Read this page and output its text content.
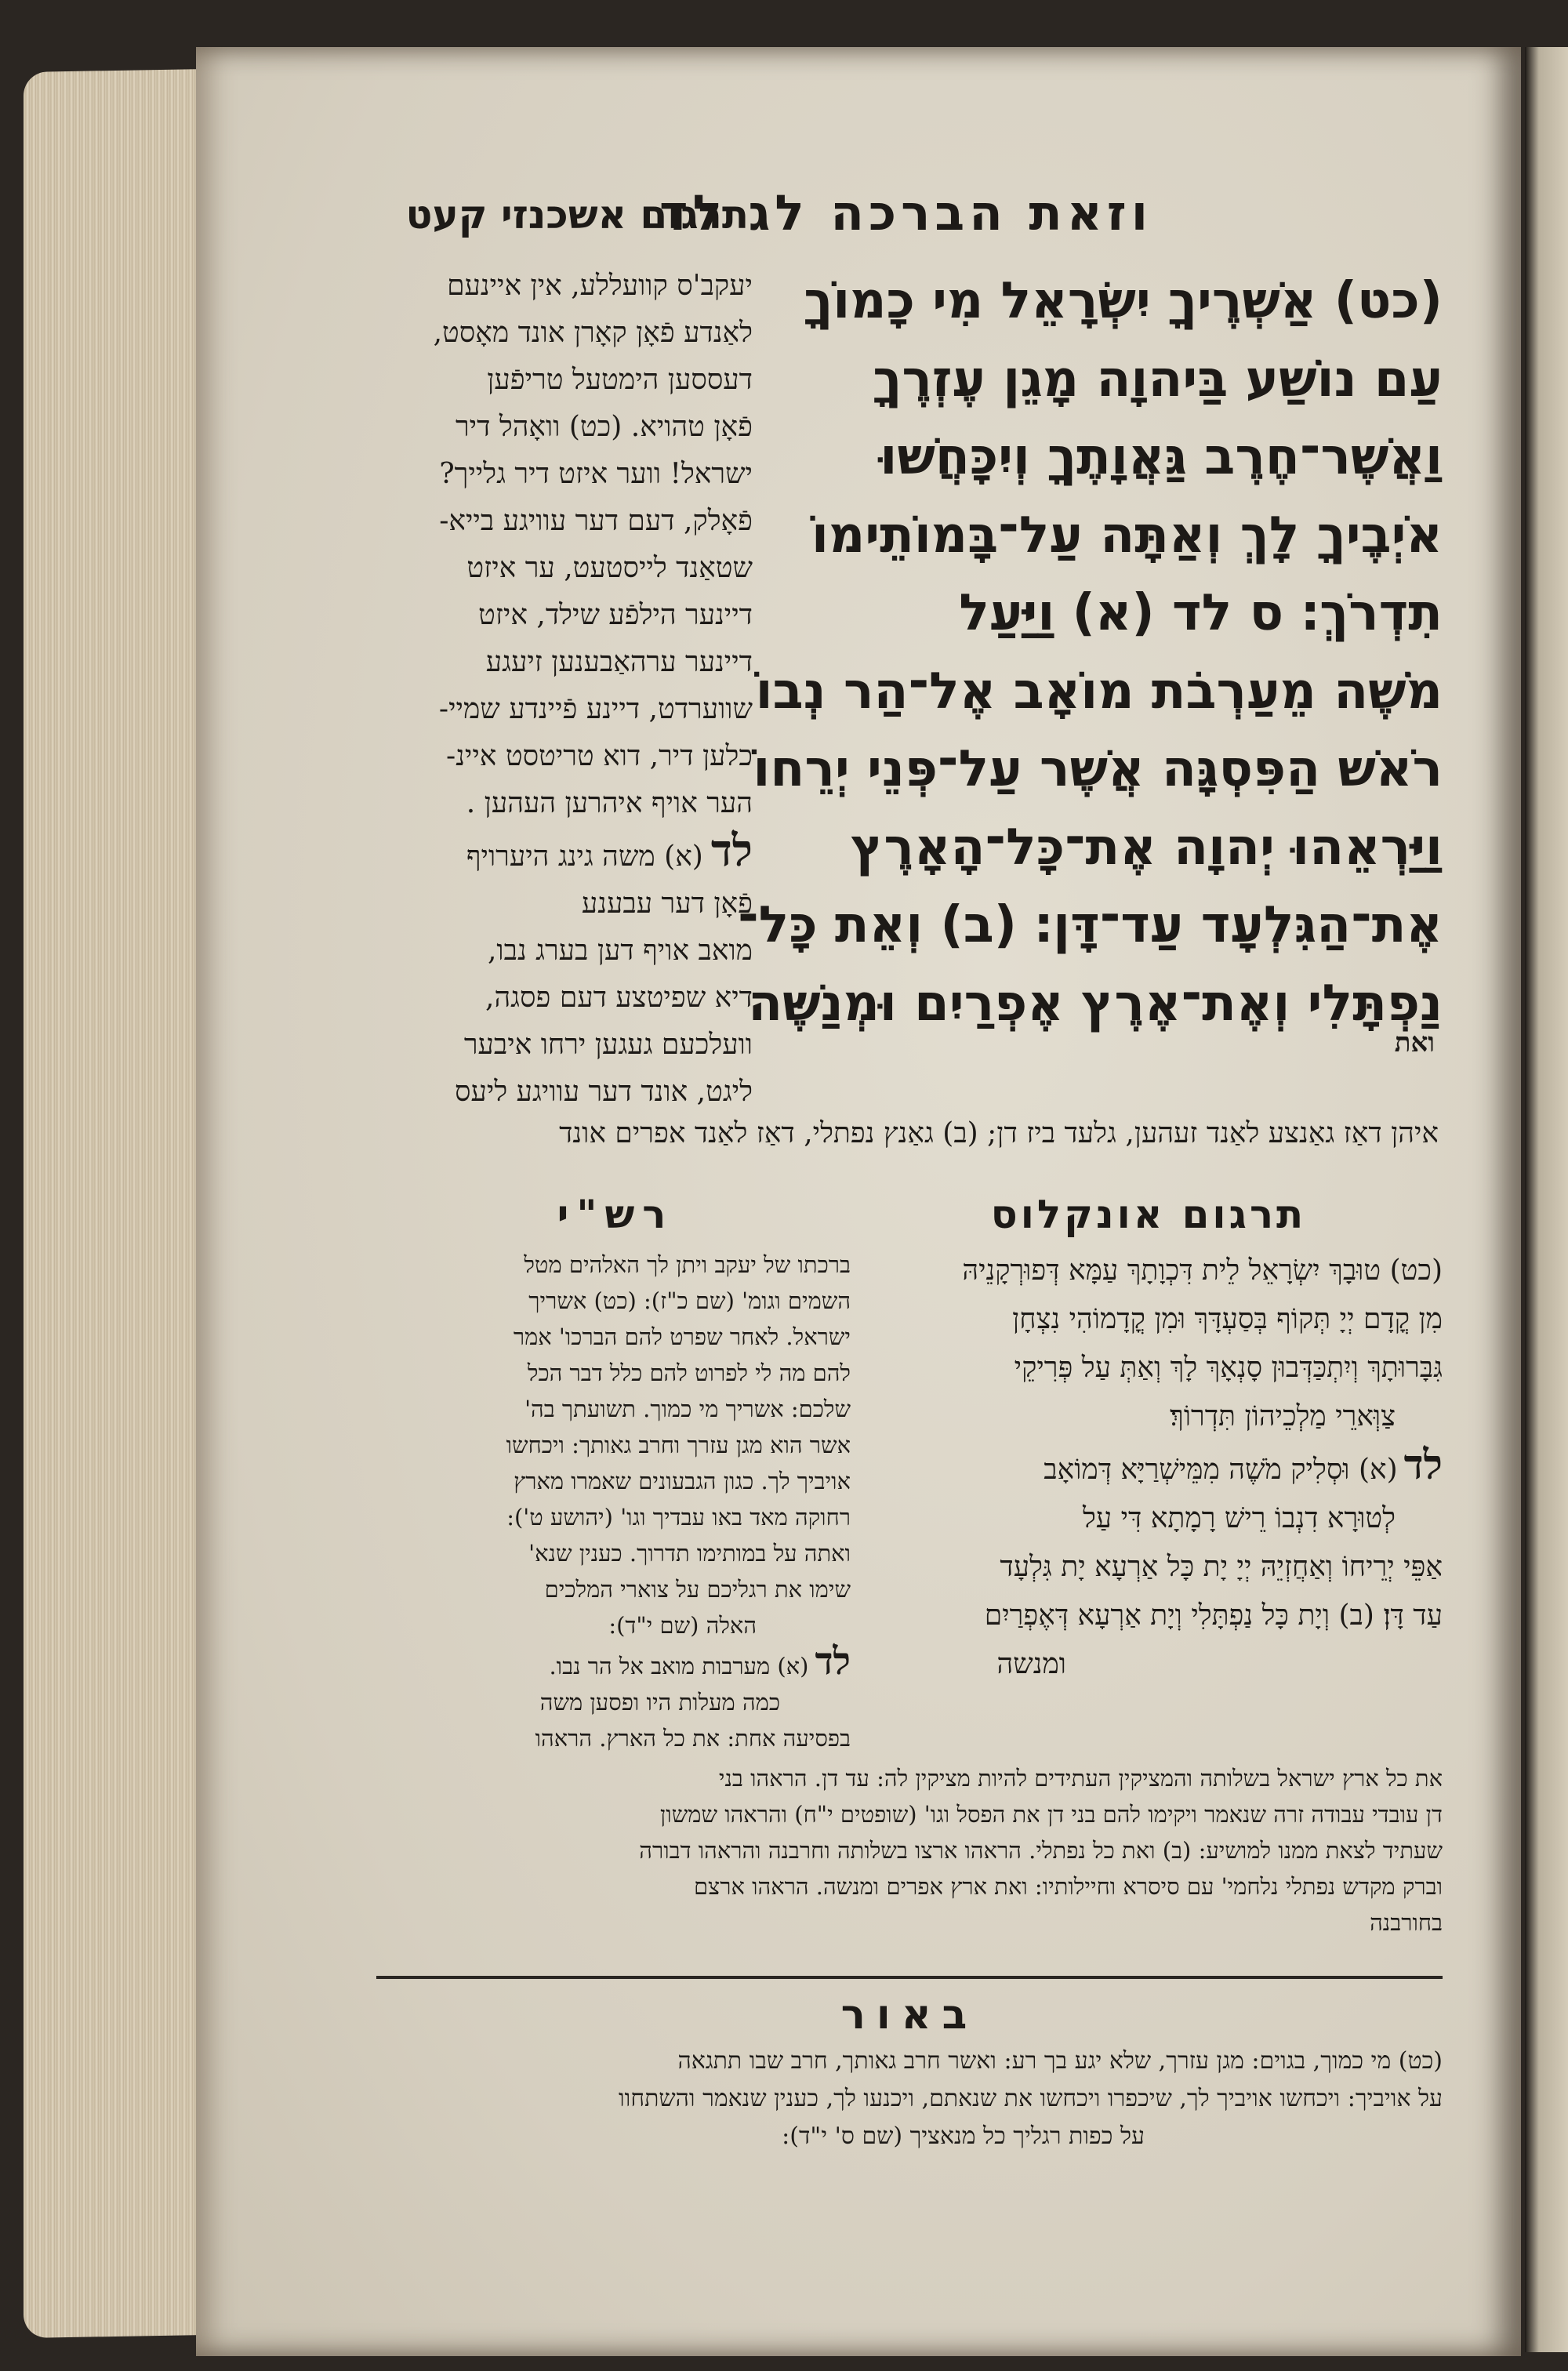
וזאת הברכה לג לד
תרגום אשכנזי קעט
(כט) אַשְׁרֶיךָ יִשְׂרָאֵל מִי כָמוֹךָ
עַם נוֹשַׁע בַּיהוָה מָגֵן עֶזְרֶךָ
וַאֲשֶׁר־חֶרֶב גַּאֲוָתֶךָ וְיִכָּחֲשׁוּ
אֹיְבֶיךָ לָךְ וְאַתָּה עַל־בָּמוֹתֵימוֹ
תִדְרֹךְ׃ ס לד (א) וַיַּעַל
מֹשֶׁה מֵעַרְבֹת מוֹאָב אֶל־הַר נְבוֹ
רֹאשׁ הַפִּסְגָּה אֲשֶׁר עַל־פְּנֵי יְרֵחוֹ
וַיַּרְאֵהוּ יְהוָה אֶת־כָּל־הָאָרֶץ
אֶת־הַגִּלְעָד עַד־דָּן׃ (ב) וְאֵת כָּל־
נַפְתָּלִי וְאֶת־אֶרֶץ אֶפְרַיִם וּמְנַשֶּׁה
ואת
יעקב'ס קוועללע, אין איינעם
לאַנדע פֿאָן קאָרן אונד מאָסט,
דעססען הימטעל טריפֿען
פֿאָן טהויא. (כט) וואָהל דיר
ישראל! ווער איזט דיר גלייך?
פֿאָלק, דעם דער עוויגע בייא-
שטאַנד לייסטעט, ער איזט
דיינער הילפֿע שילד, איזט
דיינער ערהאַבענען זיעגע
שווערדט, דיינע פֿיינדע שמיי-
כלען דיר, דוא טריטסט איינ-
הער אויף איהרען העהען .
לד(א) משה גינג היערויף
פֿאָן דער עבענע
מואב אויף דען בערג נבו,
דיא שפיטצע דעם פסגה,
וועלכעם געגען ירחו איבער
ליגט, אונד דער עוויגע ליעס
איהן דאַז גאַנצע לאַנד זעהען, גלעד ביז דן; (ב) גאַנץ נפתלי, דאַז לאַנד אפרים אונד
תרגום אונקלוס
רש"י
(כט) טוּבָךְ יִשְׂרָאֵל לֵית דִּכְוָתָךְ עַמָּא דְּפוּרְקָנֵיהּ
מִן קֳדָם יְיָ תְּקוֹף בְּסַעְדָּךְ וּמִן קֳדָמוֹהִי נִצְחָן
גִּבָּרוּתָךְ וְיִתְכַּדְּבוּן סָנְאָךְ לָךְ וְאַתְּ עַל פְּרִיקֵי
צַוְּארֵי מַלְכֵיהוֹן תִּדְרוֹךְ׃
לד(א) וּסְלִיק מֹשֶׁה מִמֵּישְׁרַיָּא דְּמוֹאָב
לְטוּרָא דִנְבוֹ רֵישׁ רָמָתָא דִּי עַל
אַפֵּי יְרֵיחוֹ וְאַחֲזְיֵהּ יְיָ יָת כָּל אַרְעָא יָת גִּלְעָד
עַד דָּן׃ (ב) וְיָת כָּל נַפְתָּלִי וְיָת אַרְעָא דְּאֶפְרַיִם
ומנשה
ברכתו של יעקב ויתן לך האלהים מטל
השמים וגומ' (שם כ"ז): (כט) אשריך
ישראל. לאחר שפרט להם הברכו' אמר
להם מה לי לפרוט להם כלל דבר הכל
שלכם: אשריך מי כמוך. תשועתך בה'
אשר הוא מגן עזרך וחרב גאותך: ויכחשו
אויביך לך. כגון הגבעונים שאמרו מארץ
רחוקה מאד באו עבדיך וגו' (יהושע ט'):
ואתה על במותימו תדרוך. כענין שנא'
שימו את רגליכם על צוארי המלכים
האלה (שם י"ד):
לד(א) מערבות מואב אל הר נבו.
כמה מעלות היו ופסען משה
בפסיעה אחת: את כל הארץ. הראהו
את כל ארץ ישראל בשלותה והמציקין העתידים להיות מציקין לה: עד דן. הראהו בני
דן עובדי עבודה זרה שנאמר ויקימו להם בני דן את הפסל וגו' (שופטים י"ח) והראהו שמשון
שעתיד לצאת ממנו למושיע: (ב) ואת כל נפתלי. הראהו ארצו בשלותה וחרבנה והראהו דבורה
וברק מקדש נפתלי נלחמי' עם סיסרא וחיילותיו: ואת ארץ אפרים ומנשה. הראהו ארצם
בחורבנה
באור
(כט) מי כמוך, בגוים: מגן עזרך, שלא יגע בך רע: ואשר חרב גאותך, חרב שבו תתגאה
על אויביך: ויכחשו אויביך לך, שיכפרו ויכחשו את שנאתם, ויכנעו לך, כענין שנאמר והשתחוו
על כפות רגליך כל מנאציך (שם ס' י"ד):
